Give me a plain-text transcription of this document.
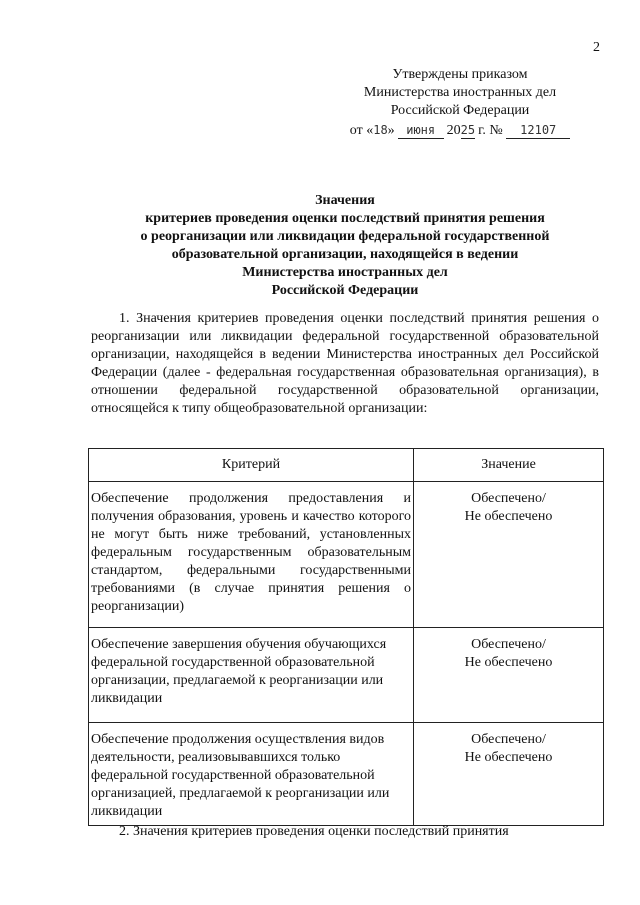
2
Утверждены приказом
Министерства иностранных дел
Российской Федерации
от «18» июня 2025 г. № 12107
Значения
критериев проведения оценки последствий принятия решения
о реорганизации или ликвидации федеральной государственной
образовательной организации, находящейся в ведении
Министерства иностранных дел
Российской Федерации
1. Значения критериев проведения оценки последствий принятия решения о реорганизации или ликвидации федеральной государственной образовательной организации, находящейся в ведении Министерства иностранных дел Российской Федерации (далее - федеральная государственная образовательная организация), в отношении федеральной государственной образовательной организации, относящейся к типу общеобразовательной организации:
Критерий	Значение
Обеспечение продолжения предоставления и получения образования, уровень и качество которого не могут быть ниже требований, установленных федеральным государственным образовательным стандартом, федеральными государственными требованиями (в случае принятия решения о реорганизации)	Обеспечено/
Не обеспечено

Обеспечение завершения обучения обучающихся федеральной государственной образовательной организации, предлагаемой к реорганизации или ликвидации	Обеспечено/
Не обеспечено

Обеспечение продолжения осуществления видов деятельности, реализовывавшихся только федеральной государственной образовательной организацией, предлагаемой к реорганизации или ликвидации	Обеспечено/
Не обеспечено
2. Значения критериев проведения оценки последствий принятия
